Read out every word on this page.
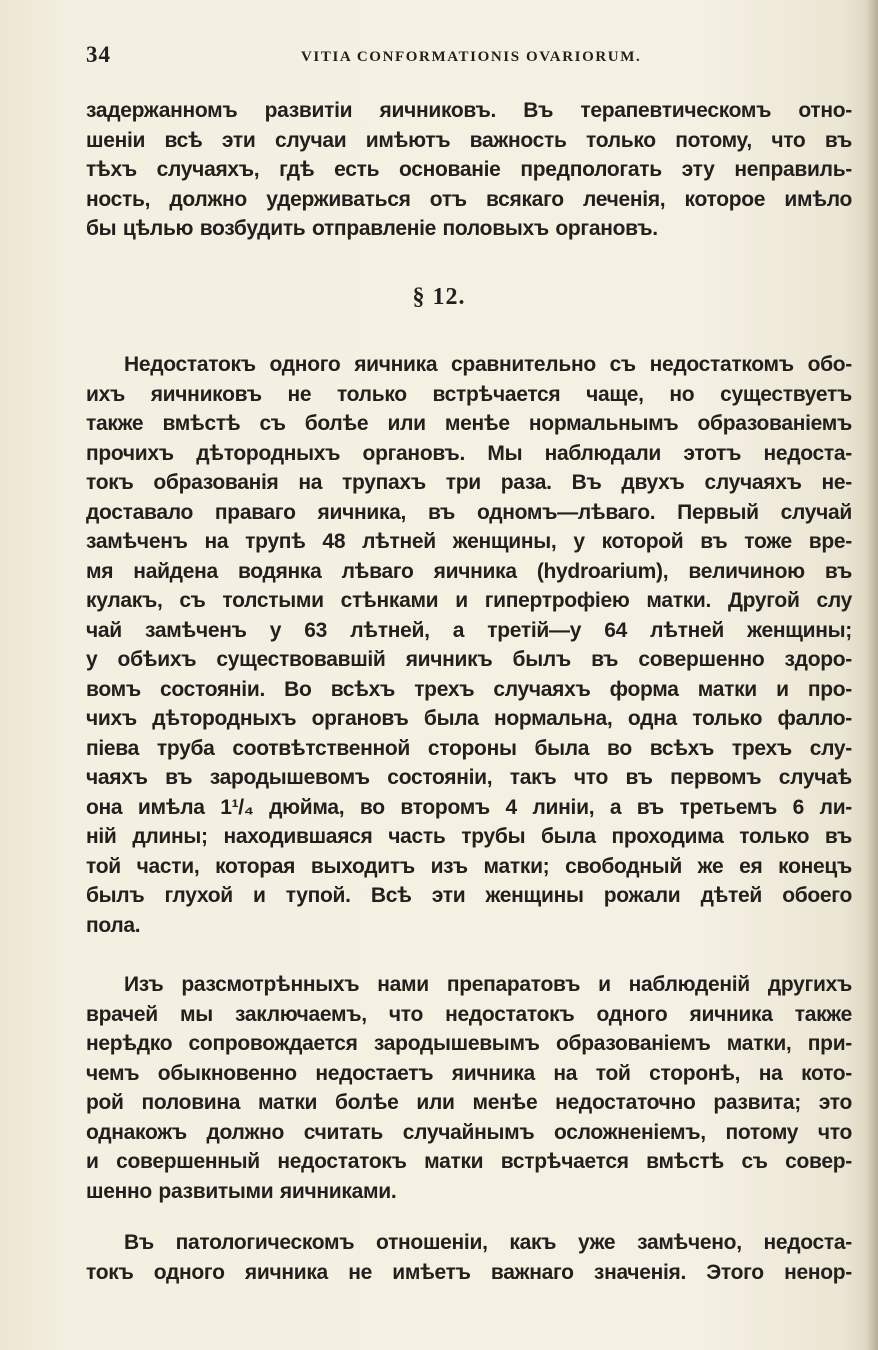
34	VITIA CONFORMATIONIS OVARIORUM.
задержанномъ развитіи яичниковъ. Въ терапевтическомъ отно-
шеніи всѣ эти случаи имѣютъ важность только потому, что въ
тѣхъ случаяхъ, гдѣ есть основаніе предпологать эту неправиль-
ность, должно удерживаться отъ всякаго леченія, которое имѣло
бы цѣлью возбудить отправленіе половыхъ органовъ.
§ 12.
Недостатокъ одного яичника сравнительно съ недостаткомъ обо-
ихъ яичниковъ не только встрѣчается чаще, но существуетъ
также вмѣстѣ съ болѣе или менѣе нормальнымъ образованіемъ
прочихъ дѣтородныхъ органовъ. Мы наблюдали этотъ недоста-
токъ образованія на трупахъ три раза. Въ двухъ случаяхъ не-
доставало праваго яичника, въ одномъ—лѣваго. Первый случай
замѣченъ на трупѣ 48 лѣтней женщины, у которой въ тоже вре-
мя найдена водянка лѣваго яичника (hydroarium), величиною въ
кулакъ, съ толстыми стѣнками и гипертрофіею матки. Другой слу
чай замѣченъ у 63 лѣтней, а третій—у 64 лѣтней женщины;
у обѣихъ существовавшій яичникъ былъ въ совершенно здоро-
вомъ состояніи. Во всѣхъ трехъ случаяхъ форма матки и про-
чихъ дѣтородныхъ органовъ была нормальна, одна только фалло-
піева труба соотвѣтственной стороны была во всѣхъ трехъ слу-
чаяхъ въ зародышевомъ состояніи, такъ что въ первомъ случаѣ
она имѣла 1¹/₄ дюйма, во второмъ 4 линіи, а въ третьемъ 6 ли-
ній длины; находившаяся часть трубы была проходима только въ
той части, которая выходитъ изъ матки; свободный же ея конецъ
былъ глухой и тупой. Всѣ эти женщины рожали дѣтей обоего
пола.
Изъ разсмотрѣнныхъ нами препаратовъ и наблюденій другихъ
врачей мы заключаемъ, что недостатокъ одного яичника также
нерѣдко сопровождается зародышевымъ образованіемъ матки, при-
чемъ обыкновенно недостаетъ яичника на той сторонѣ, на кото-
рой половина матки болѣе или менѣе недостаточно развита; это
однакожъ должно считать случайнымъ осложненіемъ, потому что
и совершенный недостатокъ матки встрѣчается вмѣстѣ съ совер-
шенно развитыми яичниками.
Въ патологическомъ отношеніи, какъ уже замѣчено, недоста-
токъ одного яичника не имѣетъ важнаго значенія. Этого ненор-
